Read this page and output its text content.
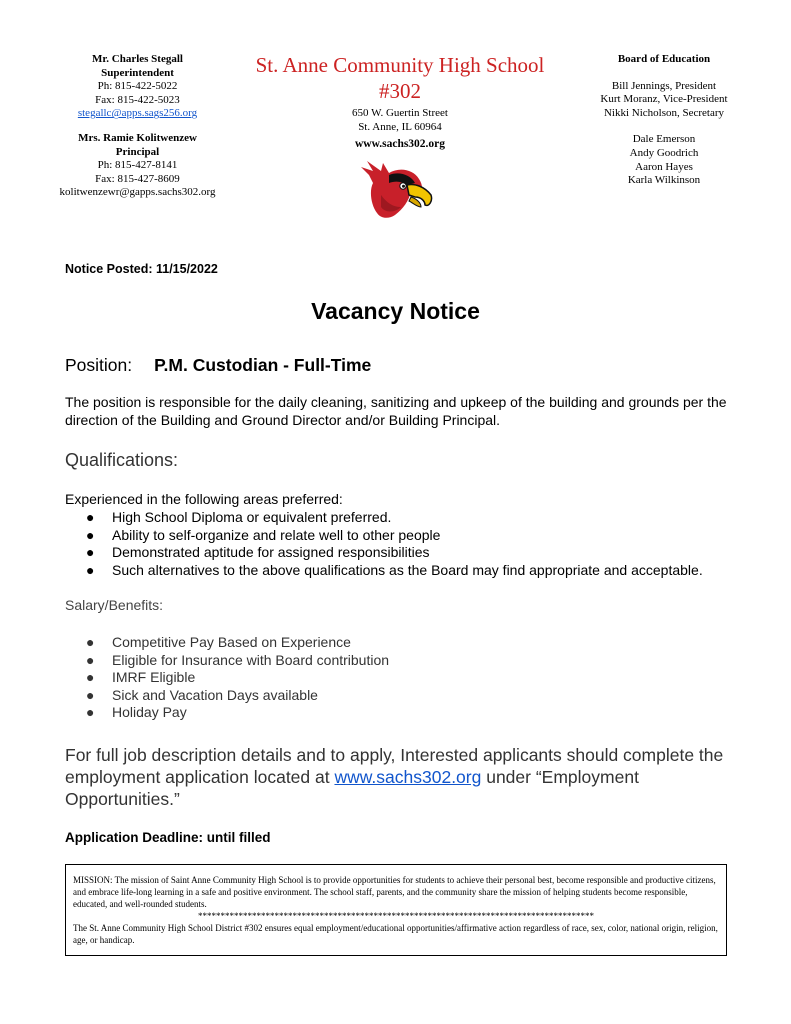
Mr. Charles Stegall
Superintendent
Ph: 815-422-5022
Fax: 815-422-5023
stegallc@apps.sags256.org
Mrs. Ramie Kolitwenzew
Principal
Ph: 815-427-8141
Fax: 815-427-8609
kolitwenzewr@gapps.sachs302.org
St. Anne Community High School
#302
650 W. Guertin Street
St. Anne, IL 60964
www.sachs302.org
Board of Education
Bill Jennings, President
Kurt Moranz, Vice-President
Nikki Nicholson, Secretary
Dale Emerson
Andy Goodrich
Aaron Hayes
Karla Wilkinson
Notice Posted: 11/15/2022
Vacancy Notice
Position: P.M. Custodian - Full-Time
The position is responsible for the daily cleaning, sanitizing and upkeep of the building and grounds per the direction of the Building and Ground Director and/or Building Principal.
Qualifications:
Experienced in the following areas preferred:
● High School Diploma or equivalent preferred.
● Ability to self-organize and relate well to other people
● Demonstrated aptitude for assigned responsibilities
● Such alternatives to the above qualifications as the Board may find appropriate and acceptable.
Salary/Benefits:
● Competitive Pay Based on Experience
● Eligible for Insurance with Board contribution
● IMRF Eligible
● Sick and Vacation Days available
● Holiday Pay
For full job description details and to apply, Interested applicants should complete the employment application located at www.sachs302.org under “Employment Opportunities.”
Application Deadline: until filled
MISSION: The mission of Saint Anne Community High School is to provide opportunities for students to achieve their personal best, become responsible and productive citizens, and embrace life-long learning in a safe and positive environment. The school staff, parents, and the community share the mission of helping students become responsible, educated, and well-rounded students.
****************************************************************************************
The St. Anne Community High School District #302 ensures equal employment/educational opportunities/affirmative action regardless of race, sex, color, national origin, religion, age, or handicap.
